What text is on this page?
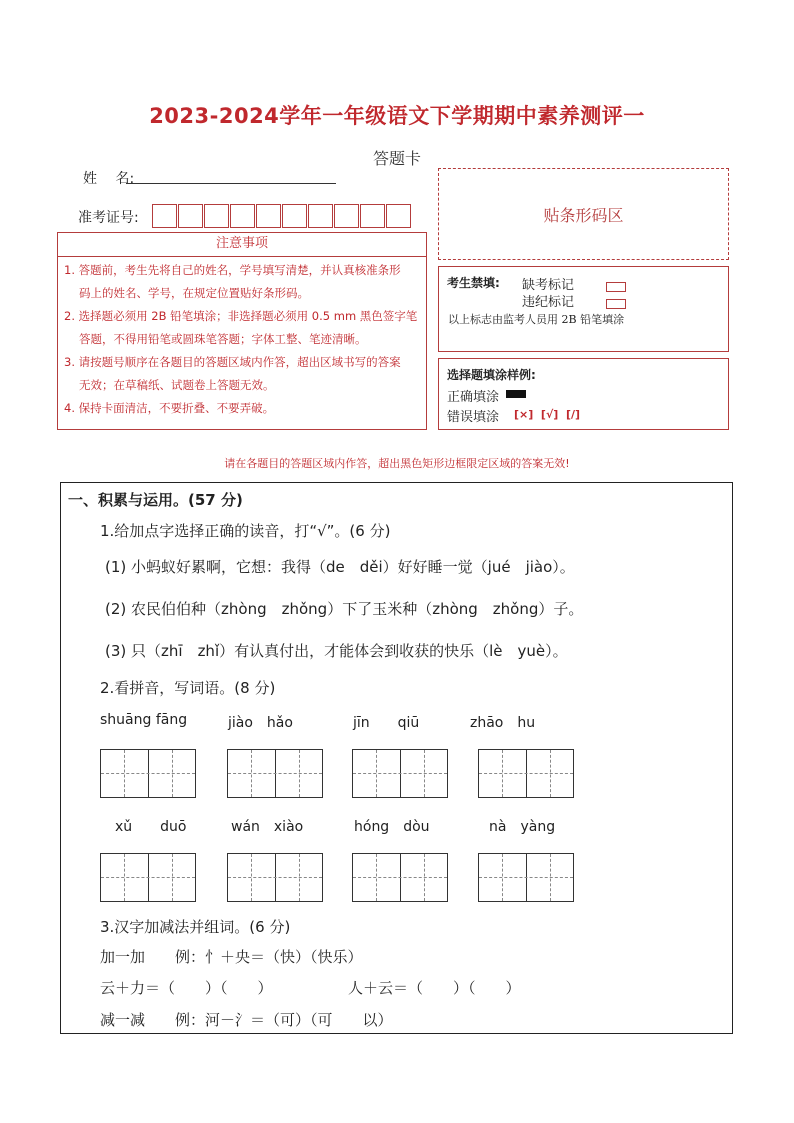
2023-2024学年一年级语文下学期期中素养测评一
答题卡
姓　 名:
准考证号:	贴条形码区
注意事项
1. 答题前，考生先将自己的姓名，学号填写清楚，并认真核准条形
码上的姓名、学号，在规定位置贴好条形码。
2. 选择题必须用 2B 铅笔填涂；非选择题必须用 0.5 mm 黑色签字笔
答题，不得用铅笔或圆珠笔答题；字体工整、笔迹清晰。
3. 请按题号顺序在各题目的答题区域内作答，超出区域书写的答案
无效；在草稿纸、试题卷上答题无效。
4. 保持卡面清洁，不要折叠、不要弄破。
考生禁填: 缺考标记
违纪标记
以上标志由监考人员用 2B 铅笔填涂
选择题填涂样例:
正确填涂
错误填涂 [×]  [√]  [/]
请在各题目的答题区域内作答，超出黑色矩形边框限定区域的答案无效!
一、积累与运用。(57 分)
1.给加点字选择正确的读音，打“√”。(6 分)
(1) 小蚂蚁好累啊，它想：我得（de　děi）好好睡一觉（jué　jiào）。
(2) 农民伯伯种（zhòng　zhǒng）下了玉米种（zhòng　zhǒng）子。
(3) 只（zhī　zhǐ）有认真付出，才能体会到收获的快乐（lè　yuè）。
2.看拼音，写词语。(8 分)
shuāng fāng	jiào　hǎo	jīn　　qiū	zhāo　hu
xǔ　　duō	wán　xiào	hóng　dòu	nà　yàng
3.汉字加减法并组词。(6 分)
加一加　　例：忄＋央＝（快）（快乐）
云＋力＝（　　）（　　）	人＋云＝（　　）（　　）
减一减　　例：河－氵＝（可）（可　　以）
